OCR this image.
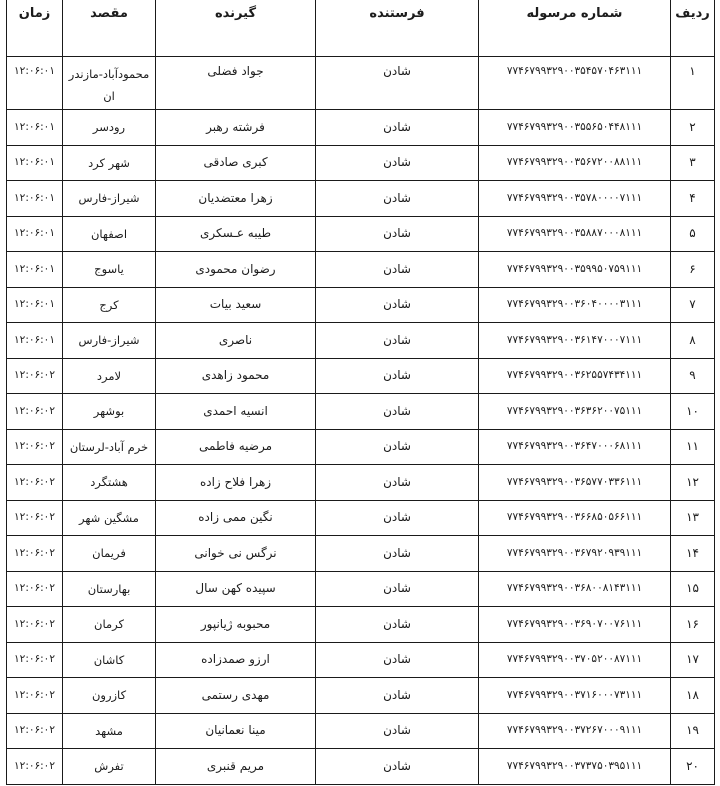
ردیف
شماره مرسوله
فرستنده
گیرنده
مقصد
زمان
۱
۷۷۴۶۷۹۹۳۲۹۰۰۳۵۴۵۷۰۴۶۳۱۱۱
شادن
جواد فضلی
محمودآباد-مازندر
ان
۱۲:۰۶:۰۱
۲
۷۷۴۶۷۹۹۳۲۹۰۰۳۵۵۶۵۰۴۴۸۱۱۱
شادن
فرشته رهبر
رودسر
۱۲:۰۶:۰۱
۳
۷۷۴۶۷۹۹۳۲۹۰۰۳۵۶۷۲۰۰۸۸۱۱۱
شادن
کبری صادقی
شهر کرد
۱۲:۰۶:۰۱
۴
۷۷۴۶۷۹۹۳۲۹۰۰۳۵۷۸۰۰۰۰۷۱۱۱
شادن
زهرا معتضدیان
شیراز-فارس
۱۲:۰۶:۰۱
۵
۷۷۴۶۷۹۹۳۲۹۰۰۳۵۸۸۷۰۰۰۸۱۱۱
شادن
طیبه عـسکری
اصفهان
۱۲:۰۶:۰۱
۶
۷۷۴۶۷۹۹۳۲۹۰۰۳۵۹۹۵۰۷۵۹۱۱۱
شادن
رضوان محمودی
یاسوج
۱۲:۰۶:۰۱
۷
۷۷۴۶۷۹۹۳۲۹۰۰۳۶۰۴۰۰۰۰۳۱۱۱
شادن
سعید بیات
کرج
۱۲:۰۶:۰۱
۸
۷۷۴۶۷۹۹۳۲۹۰۰۳۶۱۴۷۰۰۰۷۱۱۱
شادن
ناصری
شیراز-فارس
۱۲:۰۶:۰۱
۹
۷۷۴۶۷۹۹۳۲۹۰۰۳۶۲۵۵۷۴۳۴۱۱۱
شادن
محمود زاهدی
لامرد
۱۲:۰۶:۰۲
۱۰
۷۷۴۶۷۹۹۳۲۹۰۰۳۶۳۶۲۰۰۷۵۱۱۱
شادن
انسیه احمدی
بوشهر
۱۲:۰۶:۰۲
۱۱
۷۷۴۶۷۹۹۳۲۹۰۰۳۶۴۷۰۰۰۶۸۱۱۱
شادن
مرضیه فاطمی
خرم آباد-لرستان
۱۲:۰۶:۰۲
۱۲
۷۷۴۶۷۹۹۳۲۹۰۰۳۶۵۷۷۰۳۳۶۱۱۱
شادن
زهرا فلاح زاده
هشتگرد
۱۲:۰۶:۰۲
۱۳
۷۷۴۶۷۹۹۳۲۹۰۰۳۶۶۸۵۰۵۶۶۱۱۱
شادن
نگین ممی زاده
مشگین شهر
۱۲:۰۶:۰۲
۱۴
۷۷۴۶۷۹۹۳۲۹۰۰۳۶۷۹۲۰۹۳۹۱۱۱
شادن
نرگس نی خوانی
فریمان
۱۲:۰۶:۰۲
۱۵
۷۷۴۶۷۹۹۳۲۹۰۰۳۶۸۰۰۸۱۴۳۱۱۱
شادن
سپیده کهن سال
بهارستان
۱۲:۰۶:۰۲
۱۶
۷۷۴۶۷۹۹۳۲۹۰۰۳۶۹۰۷۰۰۷۶۱۱۱
شادن
محبوبه ژیانپور
کرمان
۱۲:۰۶:۰۲
۱۷
۷۷۴۶۷۹۹۳۲۹۰۰۳۷۰۵۲۰۰۸۷۱۱۱
شادن
ارزو صمدزاده
کاشان
۱۲:۰۶:۰۲
۱۸
۷۷۴۶۷۹۹۳۲۹۰۰۳۷۱۶۰۰۰۷۳۱۱۱
شادن
مهدی رستمی
کازرون
۱۲:۰۶:۰۲
۱۹
۷۷۴۶۷۹۹۳۲۹۰۰۳۷۲۶۷۰۰۰۹۱۱۱
شادن
مینا نعمانیان
مشهد
۱۲:۰۶:۰۲
۲۰
۷۷۴۶۷۹۹۳۲۹۰۰۳۷۳۷۵۰۳۹۵۱۱۱
شادن
مریم قنبری
تفرش
۱۲:۰۶:۰۲
